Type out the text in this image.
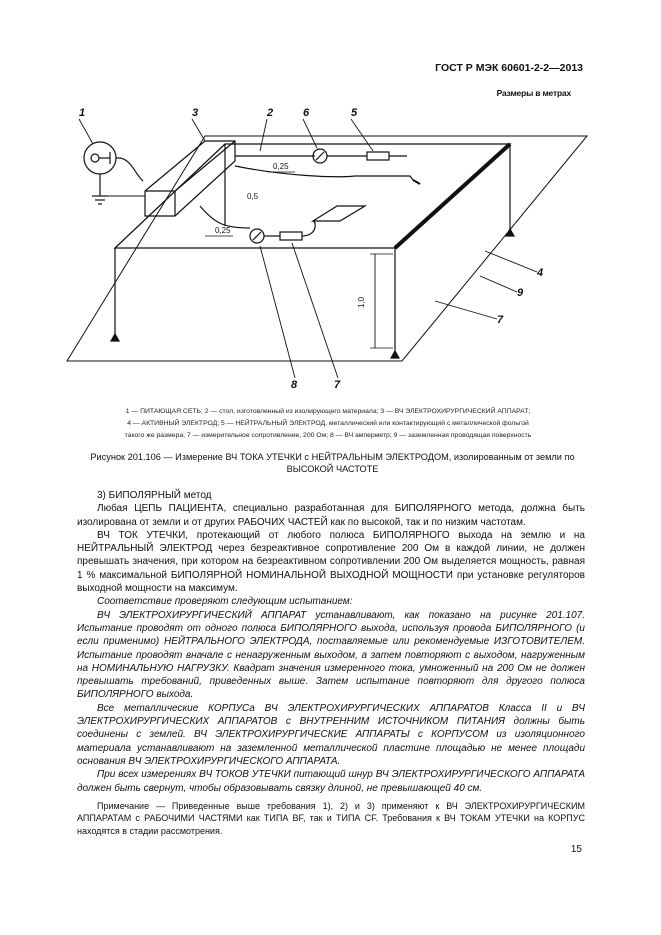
ГОСТ Р МЭК 60601-2-2—2013
Размеры в метрах
1,0
0,25
0,5
0,25
1	3	2	6	5
4
9
7
8	7
1 — ПИТАЮЩАЯ СЕТЬ; 2 — стол, изготовленный из изолирующего материала; 3 — ВЧ ЭЛЕКТРОХИРУРГИЧЕСКИЙ АППАРАТ;
4 — АКТИВНЫЙ ЭЛЕКТРОД; 5 — НЕЙТРАЛЬНЫЙ ЭЛЕКТРОД, металлический или контактирующий с металлической фольгой
такого же размера; 7 — измерительное сопротивление, 200 Ом; 8 — ВЧ амперметр; 9 — заземленная проводящая поверхность
Рисунок 201.106 — Измерение ВЧ ТОКА УТЕЧКИ с НЕЙТРАЛЬНЫМ ЭЛЕКТРОДОМ, изолированным от земли по ВЫСОКОЙ ЧАСТОТЕ

3) БИПОЛЯРНЫЙ метод

Любая ЦЕПЬ ПАЦИЕНТА, специально разработанная для БИПОЛЯРНОГО метода, должна быть изолирована от земли и от других РАБОЧИХ ЧАСТЕЙ как по высокой, так и по низким частотам.

ВЧ ТОК УТЕЧКИ, протекающий от любого полюса БИПОЛЯРНОГО выхода на землю и на НЕЙТРАЛЬНЫЙ ЭЛЕКТРОД через безреактивное сопротивление 200 Ом в каждой линии, не должен превышать значения, при котором на безреактивном сопротивлении 200 Ом выделяется мощность, равная 1 % максимальной БИПОЛЯРНОЙ НОМИНАЛЬНОЙ ВЫХОДНОЙ МОЩНОСТИ при установке регуляторов выходной мощности на максимум.

Соответствие проверяют следующим испытанием:

ВЧ ЭЛЕКТРОХИРУРГИЧЕСКИЙ АППАРАТ устанавливают, как показано на рисунке 201.107. Испытание проводят от одного полюса БИПОЛЯРНОГО выхода, используя провода БИПОЛЯРНОГО (и если применимо) НЕЙТРАЛЬНОГО ЭЛЕКТРОДА, поставляемые или рекомендуемые ИЗГОТОВИТЕЛЕМ. Испытание проводят вначале с ненагруженным выходом, а затем повторяют с выходом, нагруженным на НОМИНАЛЬНУЮ НАГРУЗКУ. Квадрат значения измеренного тока, умноженный на 200 Ом не должен превышать требований, приведенных выше. Затем испытание повторяют для другого полюса БИПОЛЯРНОГО выхода.

Все металлические КОРПУСа ВЧ ЭЛЕКТРОХИРУРГИЧЕСКИХ АППАРАТОВ Класса II и ВЧ ЭЛЕКТРОХИРУРГИЧЕСКИХ АППАРАТОВ с ВНУТРЕННИМ ИСТОЧНИКОМ ПИТАНИЯ должны быть соединены с землей. ВЧ ЭЛЕКТРОХИРУРГИЧЕСКИЕ АППАРАТЫ с КОРПУСОМ из изоляционного материала устанавливают на заземленной металлической пластине площадью не менее площади основания ВЧ ЭЛЕКТРОХИРУРГИЧЕСКОГО АППАРАТА.

При всех измерениях ВЧ ТОКОВ УТЕЧКИ питающий шнур ВЧ ЭЛЕКТРОХИРУРГИЧЕСКОГО АППАРАТА должен быть свернут, чтобы образовывать связку длиной, не превышающей 40 см.

Примечание — Приведенные выше требования 1), 2) и 3) применяют к ВЧ ЭЛЕКТРОХИРУРГИЧЕСКИМ АППАРАТАМ с РАБОЧИМИ ЧАСТЯМИ как ТИПА BF, так и ТИПА CF. Требования к ВЧ ТОКАМ УТЕЧКИ на КОРПУС находятся в стадии рассмотрения.

15
